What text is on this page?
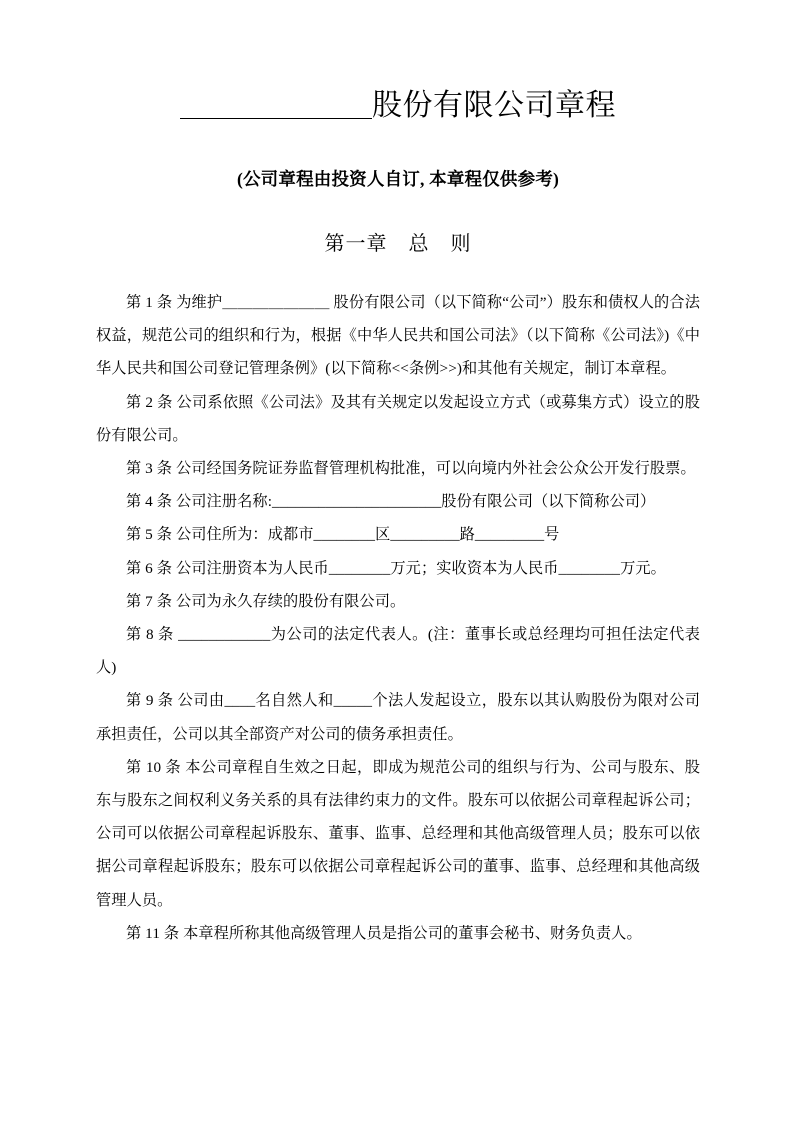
股份有限公司章程

(公司章程由投资人自订, 本章程仅供参考)

第一章　总　则

第 1 条 为维护＿＿＿＿＿＿＿ 股份有限公司（以下简称“公司”）股东和债权人的合法权益，规范公司的组织和行为，根据《中华人民共和国公司法》（以下简称《公司法》)《中华人民共和国公司登记管理条例》(以下简称<<条例>>)和其他有关规定，制订本章程。

第 2 条 公司系依照《公司法》及其有关规定以发起设立方式（或募集方式）设立的股份有限公司。

第 3 条 公司经国务院证券监督管理机构批准，可以向境内外社会公众公开发行股票。

第 4 条 公司注册名称:______________________股份有限公司（以下简称公司）

第 5 条 公司住所为：成都市________区_________路_________号

第 6 条 公司注册资本为人民币________万元；实收资本为人民币________万元。

第 7 条 公司为永久存续的股份有限公司。

第 8 条 ____________为公司的法定代表人。(注：董事长或总经理均可担任法定代表人)

第 9 条 公司由____名自然人和_____个法人发起设立，股东以其认购股份为限对公司承担责任，公司以其全部资产对公司的债务承担责任。

第 10 条 本公司章程自生效之日起，即成为规范公司的组织与行为、公司与股东、股东与股东之间权利义务关系的具有法律约束力的文件。股东可以依据公司章程起诉公司；公司可以依据公司章程起诉股东、董事、监事、总经理和其他高级管理人员；股东可以依据公司章程起诉股东；股东可以依据公司章程起诉公司的董事、监事、总经理和其他高级管理人员。

第 11 条 本章程所称其他高级管理人员是指公司的董事会秘书、财务负责人。
